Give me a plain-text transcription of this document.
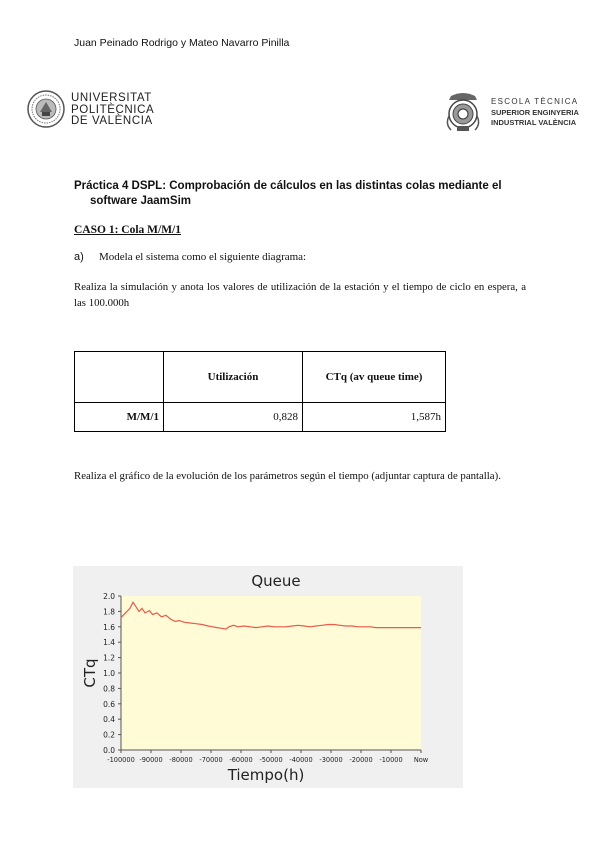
Juan Peinado Rodrigo y Mateo Navarro Pinilla
UNIVERSITAT
POLITÈCNICA
DE VALÈNCIA
ESCOLA TÈCNICA
SUPERIOR ENGINYERIA
INDUSTRIAL VALÈNCIA
Práctica 4 DSPL: Comprobación de cálculos en las distintas colas mediante el
software JaamSim
CASO 1: Cola M/M/1
a) Modela el sistema como el siguiente diagrama:
Realiza la simulación y anota los valores de utilización de la estación y el tiempo de ciclo en espera, a las 100.000h
	Utilización	CTq (av queue time)
M/M/1	0,828	1,587h
Realiza el gráfico de la evolución de los parámetros según el tiempo (adjuntar captura de pantalla).
Queue
0.0
0.2
0.4
0.6
0.8
1.0
1.2
1.4
1.6
1.8
2.0
-100000 -90000 -80000 -70000 -60000 -50000 -40000 -30000 -20000 -10000 Now
Tiempo(h)
CTq
